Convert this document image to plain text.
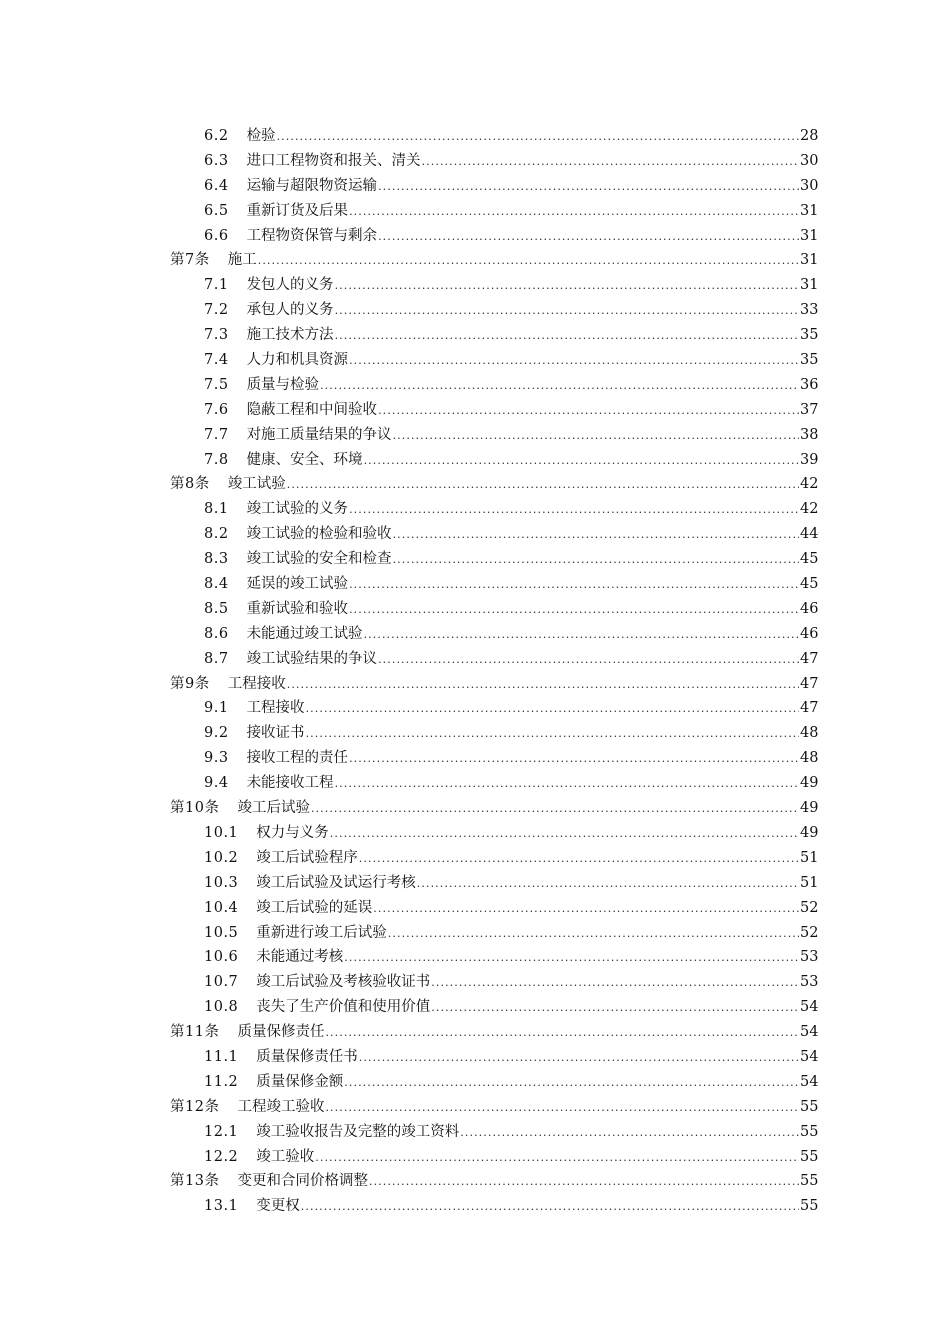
6.2 检验 .....	28
6.3 进口工程物资和报关、清关 .....	30
6.4 运输与超限物资运输 .....	30
6.5 重新订货及后果 .....	31
6.6 工程物资保管与剩余 .....	31
第7条 施工 .....	31
7.1 发包人的义务 .....	31
7.2 承包人的义务 .....	33
7.3 施工技术方法 .....	35
7.4 人力和机具资源 .....	35
7.5 质量与检验 .....	36
7.6 隐蔽工程和中间验收 .....	37
7.7 对施工质量结果的争议 .....	38
7.8 健康、安全、环境 .....	39
第8条 竣工试验 .....	42
8.1 竣工试验的义务 .....	42
8.2 竣工试验的检验和验收 .....	44
8.3 竣工试验的安全和检查 .....	45
8.4 延误的竣工试验 .....	45
8.5 重新试验和验收 .....	46
8.6 未能通过竣工试验 .....	46
8.7 竣工试验结果的争议 .....	47
第9条 工程接收 .....	47
9.1 工程接收 .....	47
9.2 接收证书 .....	48
9.3 接收工程的责任 .....	48
9.4 未能接收工程 .....	49
第10条 竣工后试验 .....	49
10.1 权力与义务 .....	49
10.2 竣工后试验程序 .....	51
10.3 竣工后试验及试运行考核 .....	51
10.4 竣工后试验的延误 .....	52
10.5 重新进行竣工后试验 .....	52
10.6 未能通过考核 .....	53
10.7 竣工后试验及考核验收证书 .....	53
10.8 丧失了生产价值和使用价值 .....	54
第11条 质量保修责任 .....	54
11.1 质量保修责任书 .....	54
11.2 质量保修金额 .....	54
第12条 工程竣工验收 .....	55
12.1 竣工验收报告及完整的竣工资料 .....	55
12.2 竣工验收 .....	55
第13条 变更和合同价格调整 .....	55
13.1 变更权 .....	55
